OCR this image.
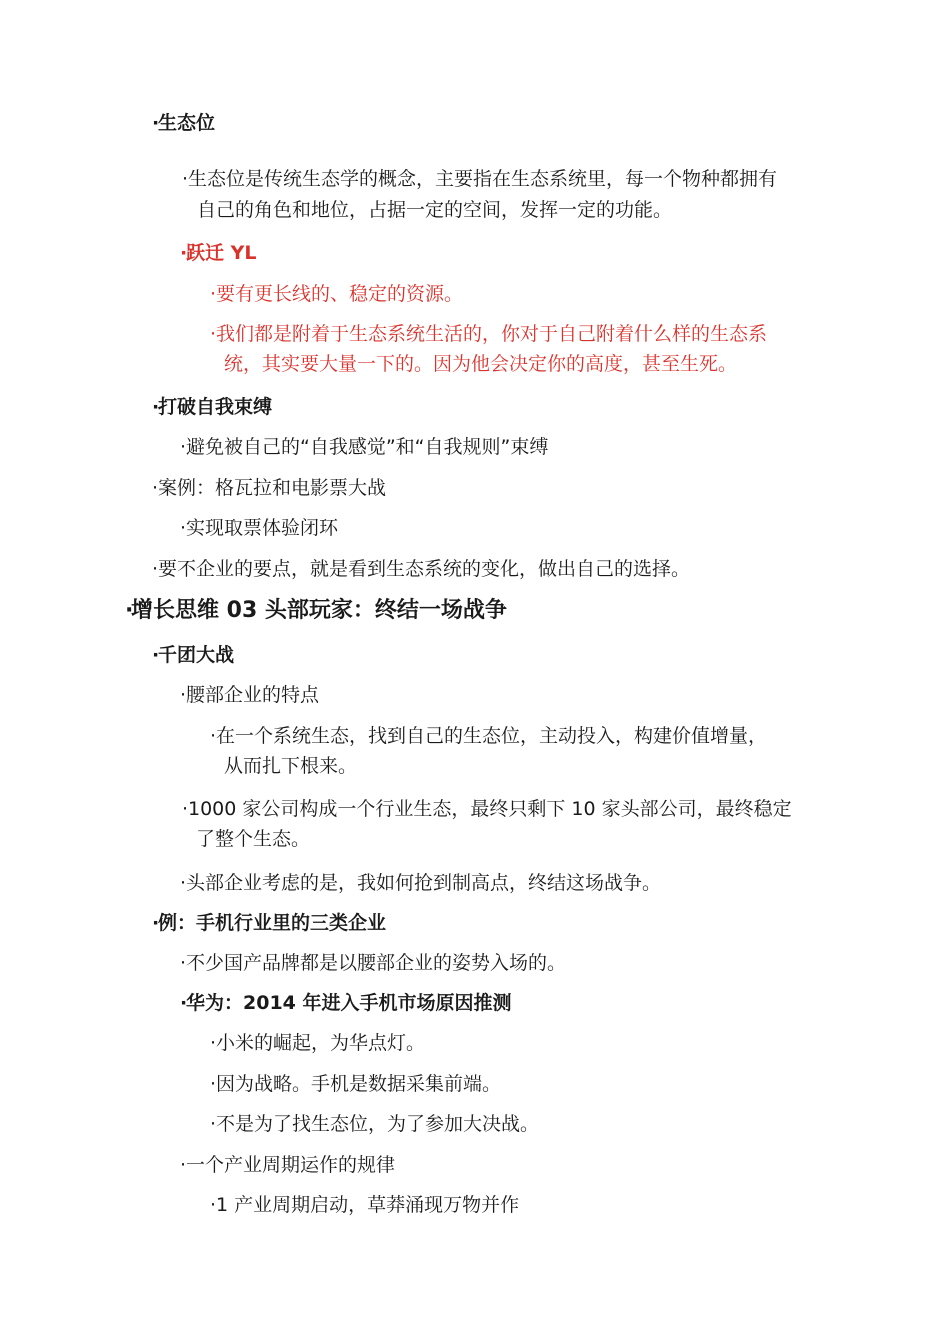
·生态位
·生态位是传统生态学的概念，主要指在生态系统里，每一个物种都拥有
自己的角色和地位，占据一定的空间，发挥一定的功能。
·跃迁 YL
·要有更长线的、稳定的资源。
·我们都是附着于生态系统生活的，你对于自己附着什么样的生态系
统，其实要大量一下的。因为他会决定你的高度，甚至生死。
·打破自我束缚
·避免被自己的“自我感觉”和“自我规则”束缚
·案例：格瓦拉和电影票大战
·实现取票体验闭环
·要不企业的要点，就是看到生态系统的变化，做出自己的选择。
·增长思维 03 头部玩家：终结一场战争
·千团大战
·腰部企业的特点
·在一个系统生态，找到自己的生态位，主动投入，构建价值增量，
从而扎下根来。
·1000 家公司构成一个行业生态，最终只剩下 10 家头部公司，最终稳定
了整个生态。
·头部企业考虑的是，我如何抢到制高点，终结这场战争。
·例：手机行业里的三类企业
·不少国产品牌都是以腰部企业的姿势入场的。
·华为：2014 年进入手机市场原因推测
·小米的崛起，为华点灯。
·因为战略。手机是数据采集前端。
·不是为了找生态位，为了参加大决战。
·一个产业周期运作的规律
·1 产业周期启动，草莽涌现万物并作
